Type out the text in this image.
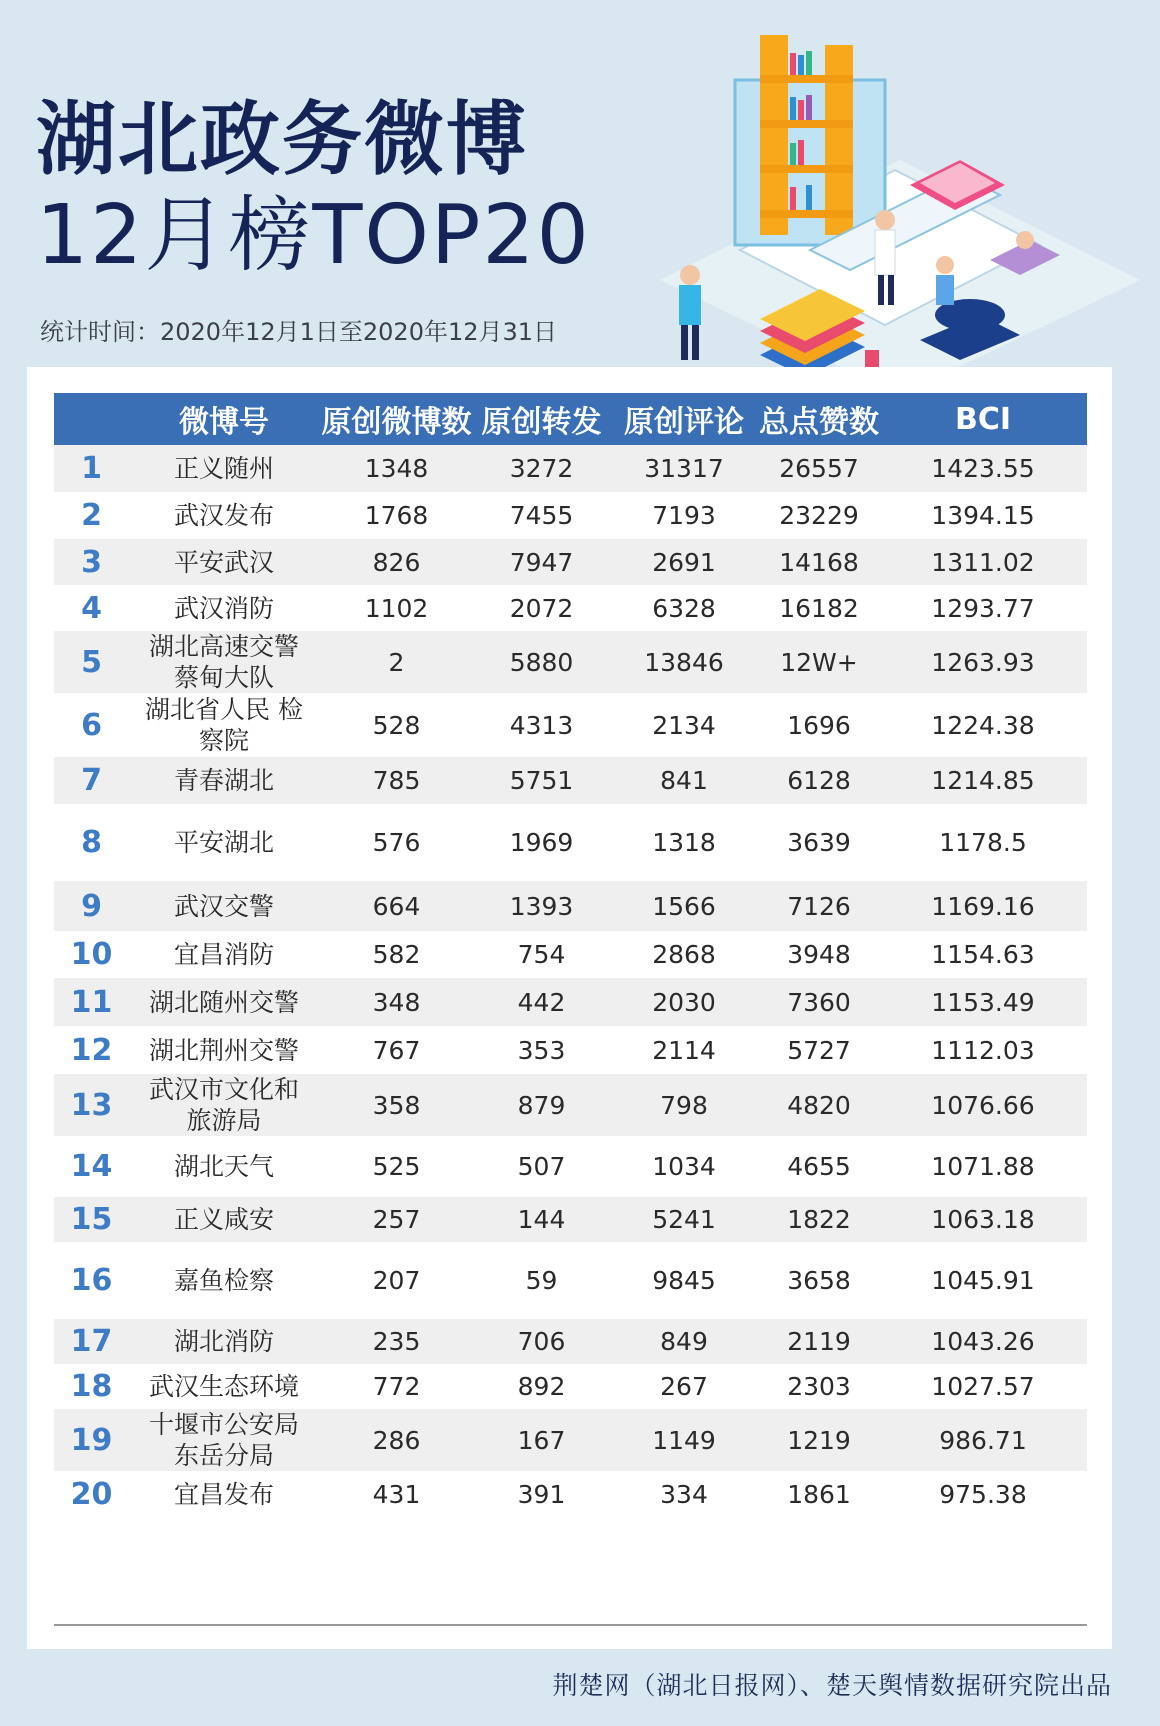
湖北政务微博
12月榜TOP20
统计时间：2020年12月1日至2020年12月31日
	微博号	原创微博数	原创转发	原创评论	总点赞数	BCI
1	正义随州	1348	3272	31317	26557	1423.55
2	武汉发布	1768	7455	7193	23229	1394.15
3	平安武汉	826	7947	2691	14168	1311.02
4	武汉消防	1102	2072	6328	16182	1293.77
5	湖北高速交警 蔡甸大队	2	5880	13846	12W+	1263.93
6	湖北省人民 检察院	528	4313	2134	1696	1224.38
7	青春湖北	785	5751	841	6128	1214.85
8	平安湖北	576	1969	1318	3639	1178.5
9	武汉交警	664	1393	1566	7126	1169.16
10	宜昌消防	582	754	2868	3948	1154.63
11	湖北随州交警	348	442	2030	7360	1153.49
12	湖北荆州交警	767	353	2114	5727	1112.03
13	武汉市文化和 旅游局	358	879	798	4820	1076.66
14	湖北天气	525	507	1034	4655	1071.88
15	正义咸安	257	144	5241	1822	1063.18
16	嘉鱼检察	207	59	9845	3658	1045.91
17	湖北消防	235	706	849	2119	1043.26
18	武汉生态环境	772	892	267	2303	1027.57
19	十堰市公安局 东岳分局	286	167	1149	1219	986.71
20	宜昌发布	431	391	334	1861	975.38
荆楚网（湖北日报网）、楚天舆情数据研究院出品
